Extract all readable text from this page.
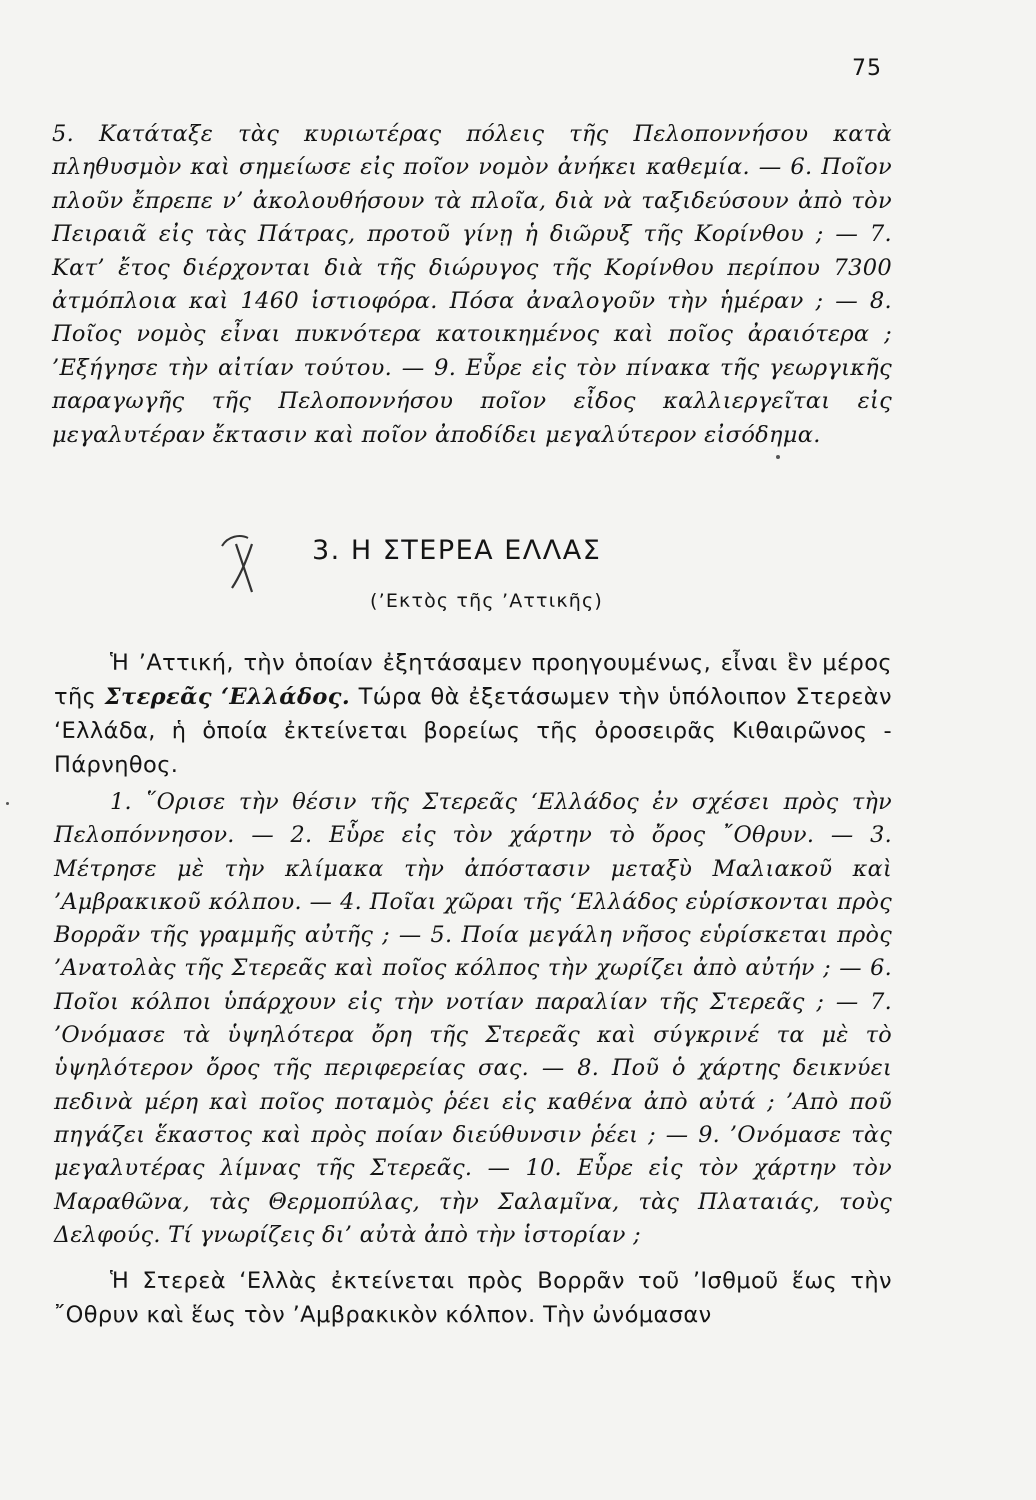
75
5. Κατάταξε τὰς κυριωτέρας πόλεις τῆς Πελοποννήσου κατὰ πληθυσμὸν καὶ σημείωσε εἰς ποῖον νομὸν ἀνήκει καθεμία. — 6. Ποῖον πλοῦν ἔπρεπε ν’ ἀκολουθήσουν τὰ πλοῖα, διὰ νὰ ταξιδεύσουν ἀπὸ τὸν Πειραιᾶ εἰς τὰς Πάτρας, προτοῦ γίνῃ ἡ διῶρυξ τῆς Κορίνθου ; — 7. Κατ’ ἔτος διέρχονται διὰ τῆς διώρυγος τῆς Κορίνθου περίπου 7300 ἀτμόπλοια καὶ 1460 ἱστιοφόρα. Πόσα ἀναλογοῦν τὴν ἡμέραν ; — 8. Ποῖος νομὸς εἶναι πυκνότερα κατοικημένος καὶ ποῖος ἀραιότερα ; ’Εξήγησε τὴν αἰτίαν τούτου. — 9. Εὗρε εἰς τὸν πίνακα τῆς γεωργικῆς παραγωγῆς τῆς Πελοποννήσου ποῖον εἶδος καλλιεργεῖται εἰς μεγαλυτέραν ἔκτασιν καὶ ποῖον ἀποδίδει μεγαλύτερον εἰσόδημα.
3. Η ΣΤΕΡΕΑ ΕΛΛΑΣ
(’Εκτὸς τῆς ’Αττικῆς)
Ἡ ’Αττική, τὴν ὁποίαν ἐξητάσαμεν προηγουμένως, εἶναι ἓν μέρος τῆς Στερεᾶς ‘Ελλάδος. Τώρα θὰ ἐξετάσωμεν τὴν ὑπόλοιπον Στερεὰν ‘Ελλάδα, ἡ ὁποία ἐκτείνεται βορείως τῆς ὀροσειρᾶς Κιθαιρῶνος - Πάρνηθος.
1. ῞Ορισε τὴν θέσιν τῆς Στερεᾶς ‘Ελλάδος ἐν σχέσει πρὸς τὴν Πελοπόννησον. — 2. Εὗρε εἰς τὸν χάρτην τὸ ὄρος ῎Οθρυν. — 3. Μέτρησε μὲ τὴν κλίμακα τὴν ἀπόστασιν μεταξὺ Μαλιακοῦ καὶ ’Αμβρακικοῦ κόλπου. — 4. Ποῖαι χῶραι τῆς ‘Ελλάδος εὑρίσκονται πρὸς Βορρᾶν τῆς γραμμῆς αὐτῆς ; — 5. Ποία μεγάλη νῆσος εὑρίσκεται πρὸς ’Ανατολὰς τῆς Στερεᾶς καὶ ποῖος κόλπος τὴν χωρίζει ἀπὸ αὐτήν ; — 6. Ποῖοι κόλποι ὑπάρχουν εἰς τὴν νοτίαν παραλίαν τῆς Στερεᾶς ; — 7. ’Ονόμασε τὰ ὑψηλότερα ὄρη τῆς Στερεᾶς καὶ σύγκρινέ τα μὲ τὸ ὑψηλότερον ὄρος τῆς περιφερείας σας. — 8. Ποῦ ὁ χάρτης δεικνύει πεδινὰ μέρη καὶ ποῖος ποταμὸς ῥέει εἰς καθένα ἀπὸ αὐτά ; ’Απὸ ποῦ πηγάζει ἕκαστος καὶ πρὸς ποίαν διεύθυνσιν ῥέει ; — 9. ’Ονόμασε τὰς μεγαλυτέρας λίμνας τῆς Στερεᾶς. — 10. Εὗρε εἰς τὸν χάρτην τὸν Μαραθῶνα, τὰς Θερμοπύλας, τὴν Σαλαμῖνα, τὰς Πλαταιάς, τοὺς Δελφούς. Τί γνωρίζεις δι’ αὐτὰ ἀπὸ τὴν ἱστορίαν ;
Ἡ Στερεὰ ‘Ελλὰς ἐκτείνεται πρὸς Βορρᾶν τοῦ ’Ισθμοῦ ἕως τὴν ῎Οθρυν καὶ ἕως τὸν ’Αμβρακικὸν κόλπον. Τὴν ὠνόμασαν
